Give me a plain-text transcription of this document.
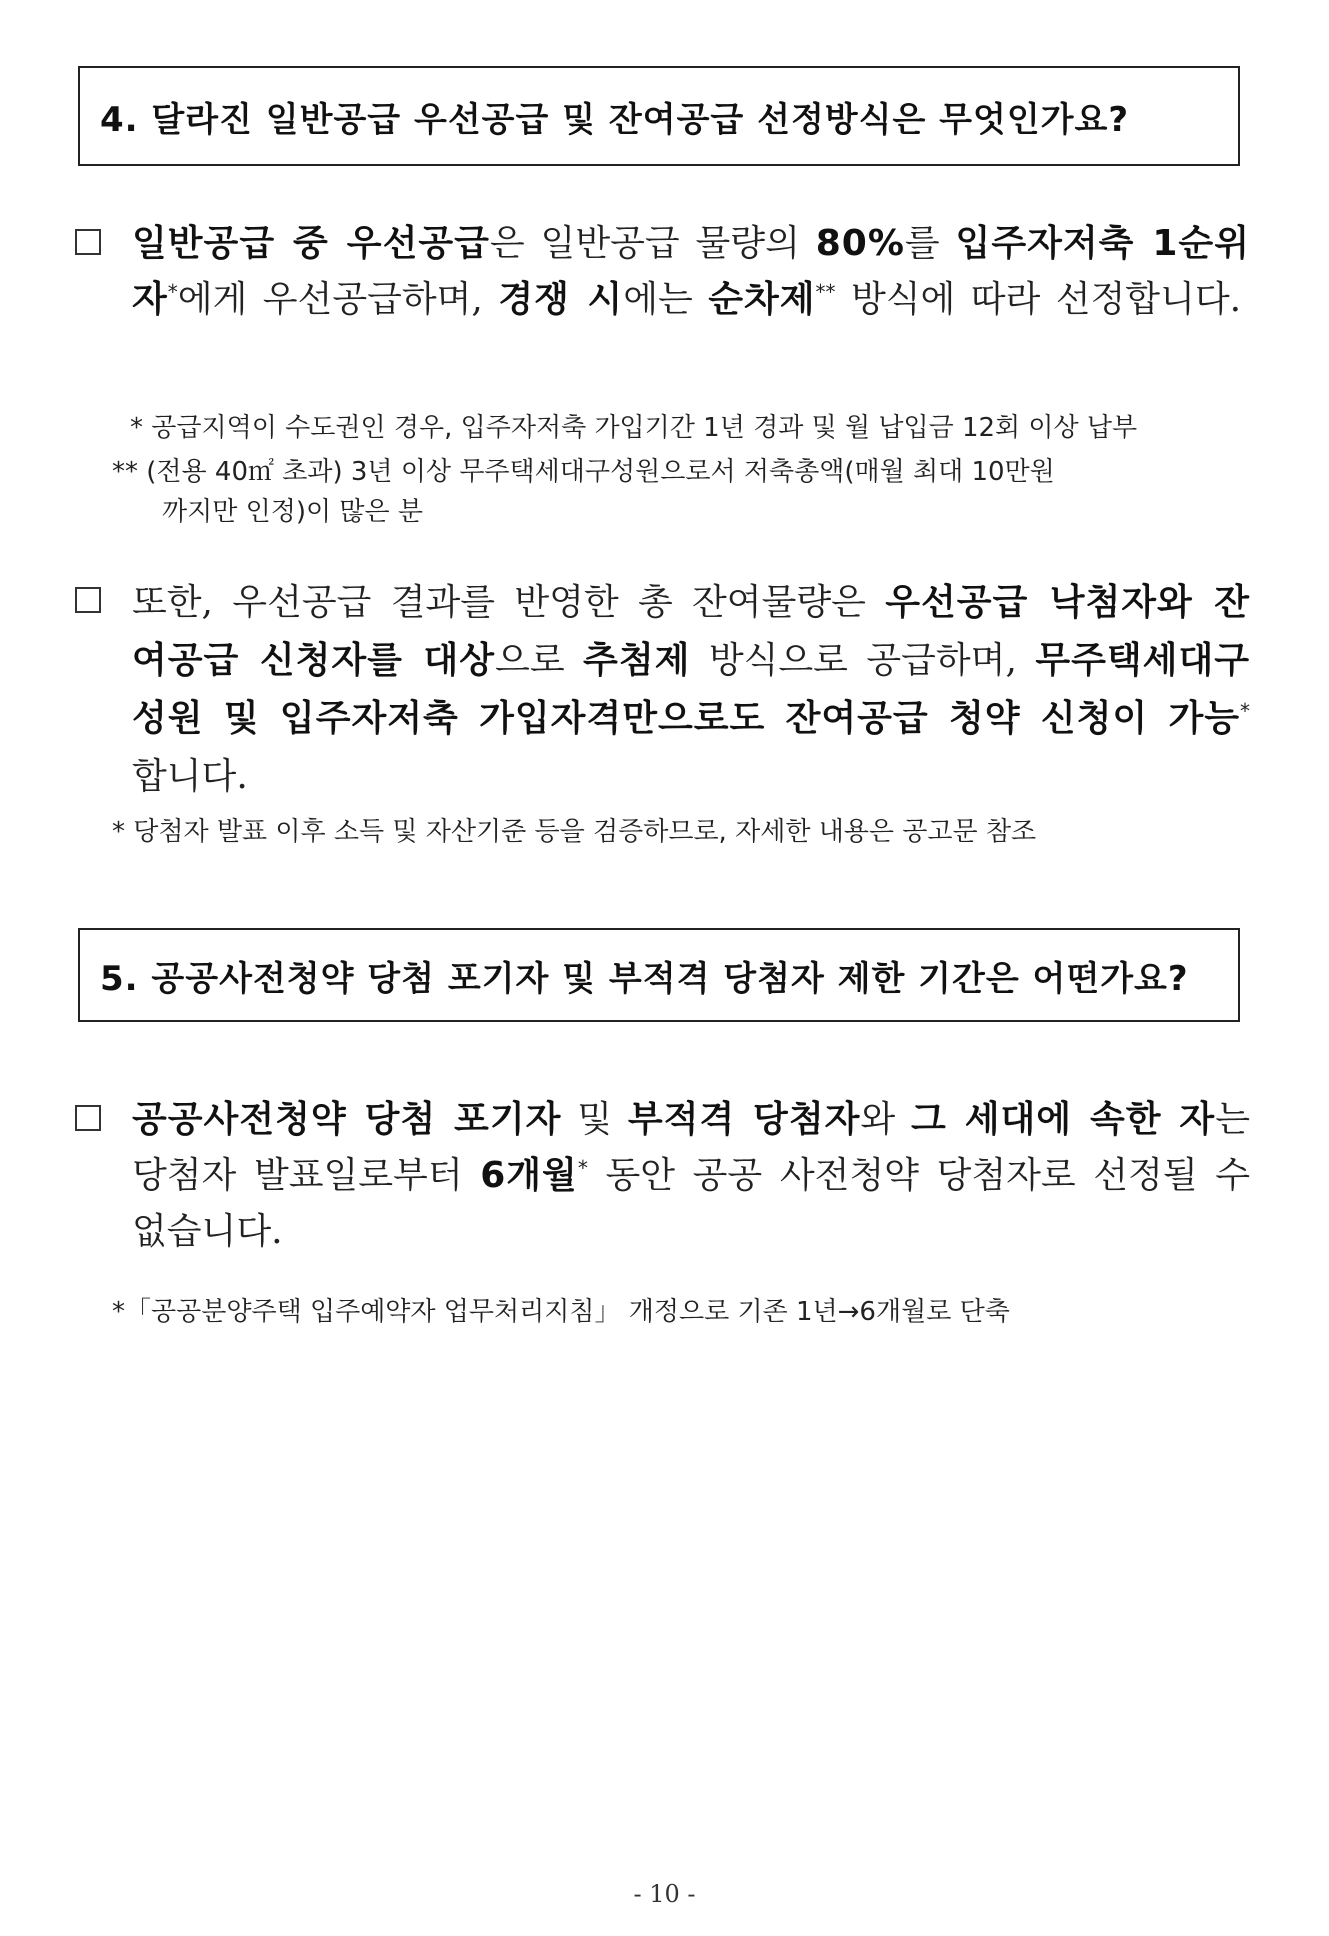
4. 달라진 일반공급 우선공급 및 잔여공급 선정방식은 무엇인가요?
일반공급 중 우선공급은 일반공급 물량의 80%를 입주자저축 1순위자*에게 우선공급하며, 경쟁 시에는 순차제** 방식에 따라 선정합니다.
* 공급지역이 수도권인 경우, 입주자저축 가입기간 1년 경과 및 월 납입금 12회 이상 납부
** (전용 40㎡ 초과) 3년 이상 무주택세대구성원으로서 저축총액(매월 최대 10만원
까지만 인정)이 많은 분
또한, 우선공급 결과를 반영한 총 잔여물량은 우선공급 낙첨자와 잔여공급 신청자를 대상으로 추첨제 방식으로 공급하며, 무주택세대구성원 및 입주자저축 가입자격만으로도 잔여공급 청약 신청이 가능*합니다.
* 당첨자 발표 이후 소득 및 자산기준 등을 검증하므로, 자세한 내용은 공고문 참조
5. 공공사전청약 당첨 포기자 및 부적격 당첨자 제한 기간은 어떤가요?
공공사전청약 당첨 포기자 및 부적격 당첨자와 그 세대에 속한 자는 당첨자 발표일로부터 6개월* 동안 공공 사전청약 당첨자로 선정될 수 없습니다.
*「공공분양주택 입주예약자 업무처리지침」 개정으로 기존 1년→6개월로 단축
- 10 -
